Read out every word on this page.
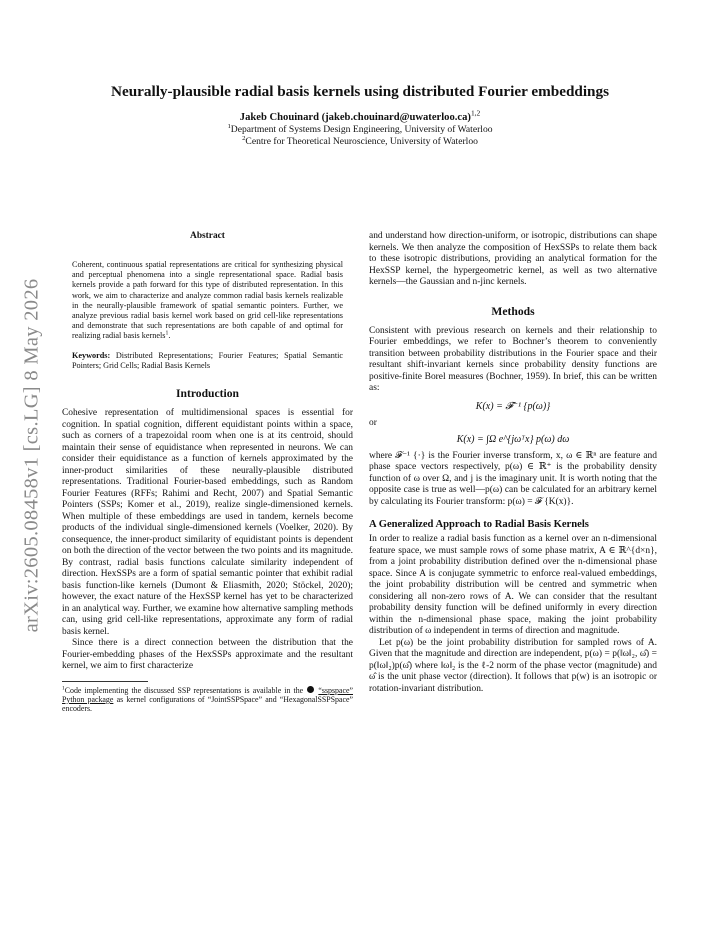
arXiv:2605.08458v1 [cs.LG] 8 May 2026
Neurally-plausible radial basis kernels using distributed Fourier embeddings
Jakeb Chouinard (jakeb.chouinard@uwaterloo.ca)$^{1,2}$
$^1$Department of Systems Design Engineering, University of Waterloo
$^2$Centre for Theoretical Neuroscience, University of Waterloo
Abstract

Coherent, continuous spatial representations are critical for synthesizing physical and perceptual phenomena into a single representational space. Radial basis kernels provide a path forward for this type of distributed representation. In this work, we aim to characterize and analyze common radial basis kernels realizable in the neurally-plausible framework of spatial semantic pointers. Further, we analyze previous radial basis kernel work based on grid cell-like representations and demonstrate that such representations are both capable of and optimal for realizing radial basis kernels$^1$.

Keywords: Distributed Representations; Fourier Features; Spatial Semantic Pointers; Grid Cells; Radial Basis Kernels

Introduction

Cohesive representation of multidimensional spaces is essential for cognition. In spatial cognition, different equidistant points within a space, such as corners of a trapezoidal room when one is at its centroid, should maintain their sense of equidistance when represented in neurons. We can consider their equidistance as a function of kernels approximated by the inner-product similarities of these neurally-plausible distributed representations. Traditional Fourier-based embeddings, such as Random Fourier Features (RFFs; Rahimi and Recht, 2007) and Spatial Semantic Pointers (SSPs; Komer et al., 2019), realize single-dimensioned kernels. When multiple of these embeddings are used in tandem, kernels become products of the individual single-dimensioned kernels (Voelker, 2020). By consequence, the inner-product similarity of equidistant points is dependent on both the direction of the vector between the two points and its magnitude. By contrast, radial basis functions calculate similarity independent of direction. HexSSPs are a form of spatial semantic pointer that exhibit radial basis function-like kernels (Dumont & Eliasmith, 2020; Stöckel, 2020); however, the exact nature of the HexSSP kernel has yet to be characterized in an analytical way. Further, we examine how alternative sampling methods can, using grid cell-like representations, approximate any form of radial basis kernel.

Since there is a direct connection between the distribution that the Fourier-embedding phases of the HexSSPs approximate and the resultant kernel, we aim to first characterize

$^1$Code implementing the discussed SSP representations is available in the  “sspspace” Python package as kernel configurations of “JointSSPSpace” and “HexagonalSSPSpace” encoders.

and understand how direction-uniform, or isotropic, distributions can shape kernels. We then analyze the composition of HexSSPs to relate them back to these isotropic distributions, providing an analytical formation for the HexSSP kernel, the hypergeometric kernel, as well as two alternative kernels—the Gaussian and n-jinc kernels.

Methods

Consistent with previous research on kernels and their relationship to Fourier embeddings, we refer to Bochner’s theorem to conveniently transition between probability distributions in the Fourier space and their resultant shift-invariant kernels since probability density functions are positive-finite Borel measures (Bochner, 1959). In brief, this can be written as:

K(x) = 𝓕⁻¹ {p(ω)}
or
K(x) = ∫Ω e^{jωᵀx} p(ω) dω

where 𝓕⁻¹ {·} is the Fourier inverse transform, x, ω ∈ ℝⁿ are feature and phase space vectors respectively, p(ω) ∈ ℝ⁺ is the probability density function of ω over Ω, and j is the imaginary unit. It is worth noting that the opposite case is true as well—p(ω) can be calculated for an arbitrary kernel by calculating its Fourier transform: p(ω) = 𝓕 {K(x)}.

A Generalized Approach to Radial Basis Kernels

In order to realize a radial basis function as a kernel over an n-dimensional feature space, we must sample rows of some phase matrix, A ∈ ℝ^{d×n}, from a joint probability distribution defined over the n-dimensional phase space. Since A is conjugate symmetric to enforce real-valued embeddings, the joint probability distribution will be centred and symmetric when considering all non-zero rows of A. We can consider that the resultant probability density function will be defined uniformly in every direction within the n-dimensional phase space, making the joint probability distribution of ω independent in terms of direction and magnitude.

Let p(ω) be the joint probability distribution for sampled rows of A. Given that the magnitude and direction are independent, p(ω) = p(‖ω‖₂, ω̂) = p(‖ω‖₂)p(ω̂) where ‖ω‖₂ is the ℓ-2 norm of the phase vector (magnitude) and ω̂ is the unit phase vector (direction). It follows that p(w) is an isotropic or rotation-invariant distribution.
